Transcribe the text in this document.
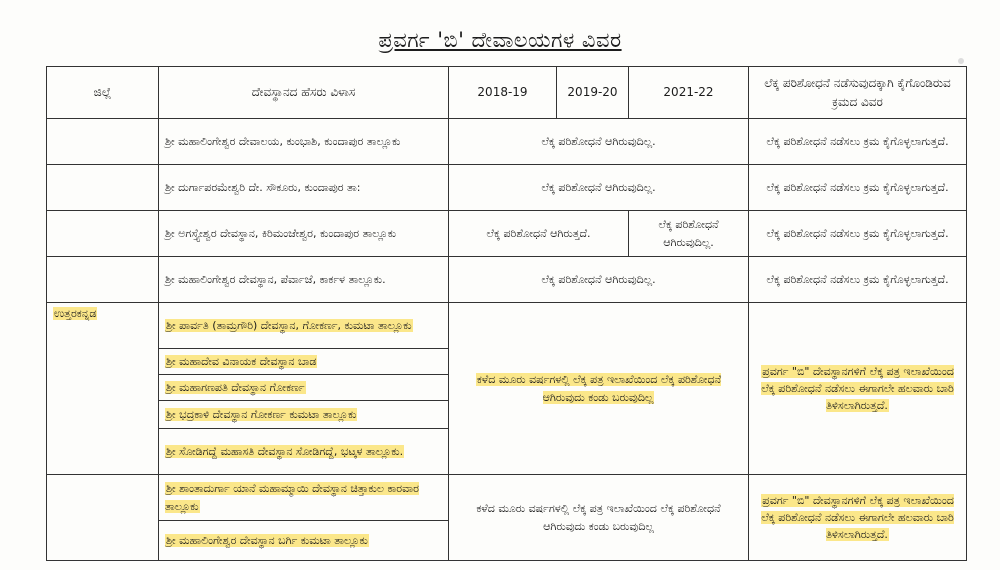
ಪ್ರವರ್ಗ 'ಬಿ' ದೇವಾಲಯಗಳ ವಿವರ
ಜಿಲ್ಲೆ	ದೇವಸ್ಥಾನದ ಹೆಸರು ವಿಳಾಸ	2018-19	2019-20	2021-22	ಲೆಕ್ಕ ಪರಿಶೋಧನೆ ನಡೆಸುವುದಕ್ಕಾಗಿ ಕೈಗೊಂಡಿರುವ ಕ್ರಮದ ವಿವರ
	ಶ್ರೀ ಮಹಾಲಿಂಗೇಶ್ವರ ದೇವಾಲಯ, ಕುಂಭಾಶಿ, ಕುಂದಾಪುರ ತಾಲ್ಲೂಕು	ಲೆಕ್ಕ ಪರಿಶೋಧನೆ ಆಗಿರುವುದಿಲ್ಲ.			ಲೆಕ್ಕ ಪರಿಶೋಧನೆ ನಡೆಸಲು ಕ್ರಮ ಕೈಗೊಳ್ಳಲಾಗುತ್ತದೆ.
	ಶ್ರೀ ದುರ್ಗಾಪರಮೇಶ್ವರಿ ದೇ. ಸೌಕೂರು, ಕುಂದಾಪುರ ತಾ:	ಲೆಕ್ಕ ಪರಿಶೋಧನೆ ಆಗಿರುವುದಿಲ್ಲ.			ಲೆಕ್ಕ ಪರಿಶೋಧನೆ ನಡೆಸಲು ಕ್ರಮ ಕೈಗೊಳ್ಳಲಾಗುತ್ತದೆ.
	ಶ್ರೀ ಅಗಸ್ತ್ಯೇಶ್ವರ ದೇವಸ್ಥಾನ, ಕಿರಿಮಂಜೇಶ್ವರ, ಕುಂದಾಪುರ ತಾಲ್ಲೂಕು	ಲೆಕ್ಕ ಪರಿಶೋಧನೆ ಆಗಿರುತ್ತದೆ.		ಲೆಕ್ಕ ಪರಿಶೋಧನೆ ಆಗಿರುವುದಿಲ್ಲ.	ಲೆಕ್ಕ ಪರಿಶೋಧನೆ ನಡೆಸಲು ಕ್ರಮ ಕೈಗೊಳ್ಳಲಾಗುತ್ತದೆ.
	ಶ್ರೀ ಮಹಾಲಿಂಗೇಶ್ವರ ದೇವಸ್ಥಾನ, ಪೆರ್ವಾಜೆ, ಕಾರ್ಕಳ ತಾಲ್ಲೂಕು.	ಲೆಕ್ಕ ಪರಿಶೋಧನೆ ಆಗಿರುವುದಿಲ್ಲ.			ಲೆಕ್ಕ ಪರಿಶೋಧನೆ ನಡೆಸಲು ಕ್ರಮ ಕೈಗೊಳ್ಳಲಾಗುತ್ತದೆ.
ಉತ್ತರಕನ್ನಡ	ಶ್ರೀ ಪಾರ್ವತಿ (ತಾಮ್ರಗೌರಿ) ದೇವಸ್ಥಾನ, ಗೋಕರ್ಣ, ಕುಮಟಾ ತಾಲ್ಲೂಕು	ಕಳೆದ ಮೂರು ವರ್ಷಗಳಲ್ಲಿ ಲೆಕ್ಕ ಪತ್ರ ಇಲಾಖೆಯಿಂದ ಲೆಕ್ಕ ಪರಿಶೋಧನೆ ಆಗಿರುವುದು ಕಂಡು ಬರುವುದಿಲ್ಲ			ಪ್ರವರ್ಗ "ಬಿ" ದೇವಸ್ಥಾನಗಳಿಗೆ ಲೆಕ್ಕ ಪತ್ರ ಇಲಾಖೆಯಿಂದ ಲೆಕ್ಕ ಪರಿಶೋಧನೆ ನಡೆಸಲು ಈಗಾಗಲೇ ಹಲವಾರು ಬಾರಿ ತಿಳಿಸಲಾಗಿರುತ್ತದೆ.
	ಶ್ರೀ ಮಹಾದೇವ ವಿನಾಯಕ ದೇವಸ್ಥಾನ ಬಾಡ				
	ಶ್ರೀ ಮಹಾಗಣಪತಿ ದೇವಸ್ಥಾನ ಗೋಕರ್ಣ				
	ಶ್ರೀ ಭದ್ರಕಾಳಿ ದೇವಸ್ಥಾನ ಗೋಕರ್ಣ ಕುಮಟಾ ತಾಲ್ಲೂಕು				
	ಶ್ರೀ ಸೋಡಿಗದ್ದೆ ಮಹಾಸತಿ ದೇವಸ್ಥಾನ ಸೋಡಿಗದ್ದೆ, ಭಟ್ಕಳ ತಾಲ್ಲೂಕು.				
	ಶ್ರೀ ಶಾಂತಾದುರ್ಗಾ ಯಾನೆ ಮಹಾಮ್ಮಾಯಿ ದೇವಸ್ಥಾನ ಚಿತ್ತಾಕುಲ ಕಾರವಾರ ತಾಲ್ಲೂಕು	ಕಳೆದ ಮೂರು ವರ್ಷಗಳಲ್ಲಿ ಲೆಕ್ಕ ಪತ್ರ ಇಲಾಖೆಯಿಂದ ಲೆಕ್ಕ ಪರಿಶೋಧನೆ ಆಗಿರುವುದು ಕಂಡು ಬರುವುದಿಲ್ಲ			ಪ್ರವರ್ಗ "ಬಿ" ದೇವಸ್ಥಾನಗಳಿಗೆ ಲೆಕ್ಕ ಪತ್ರ ಇಲಾಖೆಯಿಂದ ಲೆಕ್ಕ ಪರಿಶೋಧನೆ ನಡೆಸಲು ಈಗಾಗಲೇ ಹಲವಾರು ಬಾರಿ ತಿಳಿಸಲಾಗಿರುತ್ತದೆ.
	ಶ್ರೀ ಮಹಾಲಿಂಗೇಶ್ವರ ದೇವಸ್ಥಾನ ಬರ್ಗಿ ಕುಮಟಾ ತಾಲ್ಲೂಕು				
